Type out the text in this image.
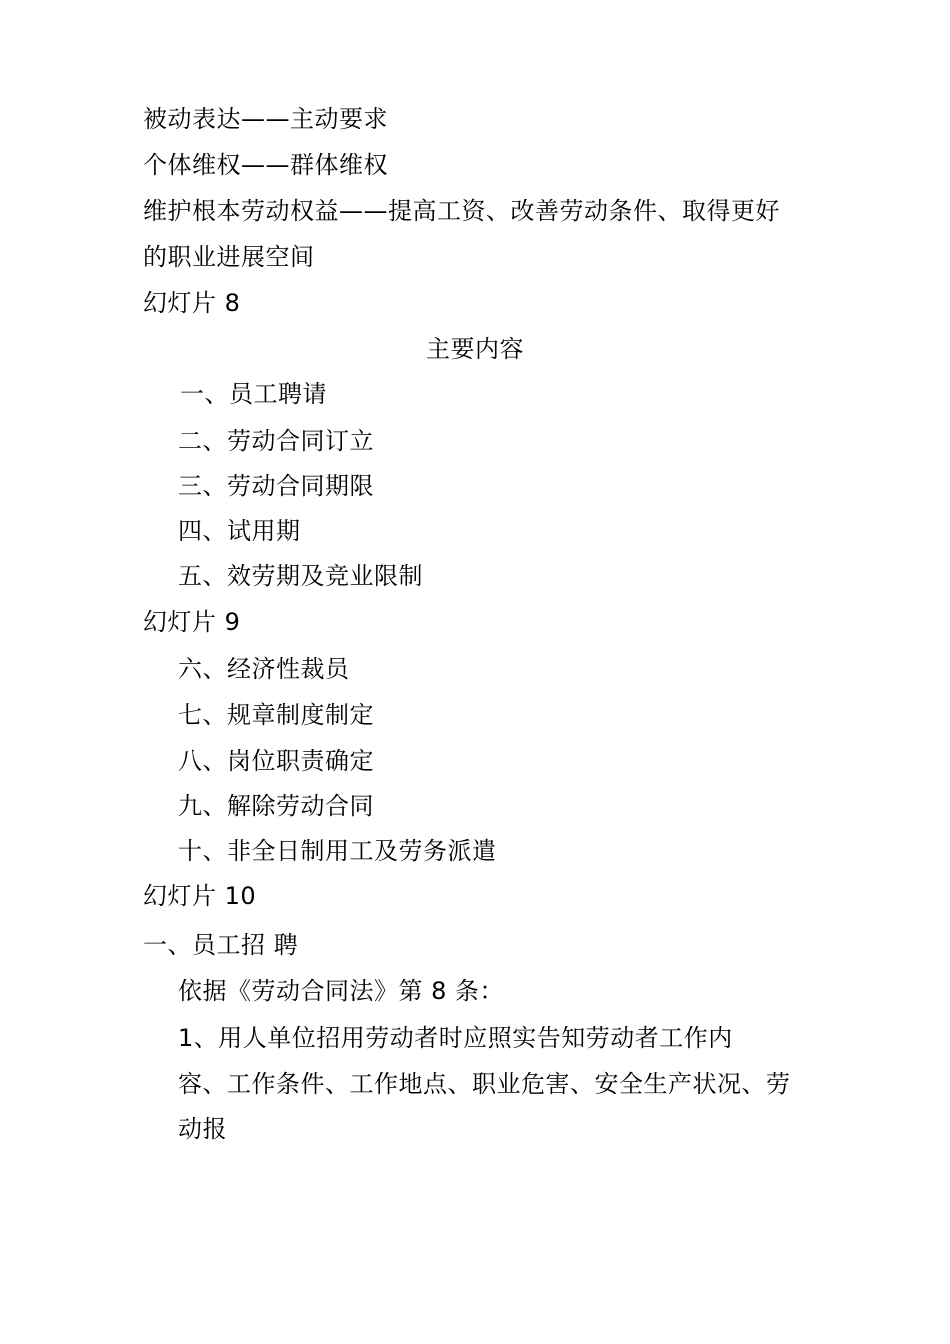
被动表达——主动要求
个体维权——群体维权
维护根本劳动权益——提高工资、改善劳动条件、取得更好
的职业进展空间
幻灯片 8
主要内容
一、员工聘请
二、劳动合同订立
三、劳动合同期限
四、试用期
五、效劳期及竞业限制
幻灯片 9
六、经济性裁员
七、规章制度制定
八、岗位职责确定
九、解除劳动合同
十、非全日制用工及劳务派遣
幻灯片 10
一、员工招 聘
依据《劳动合同法》第 8 条：
1、用人单位招用劳动者时应照实告知劳动者工作内
容、工作条件、工作地点、职业危害、安全生产状况、劳
动报
